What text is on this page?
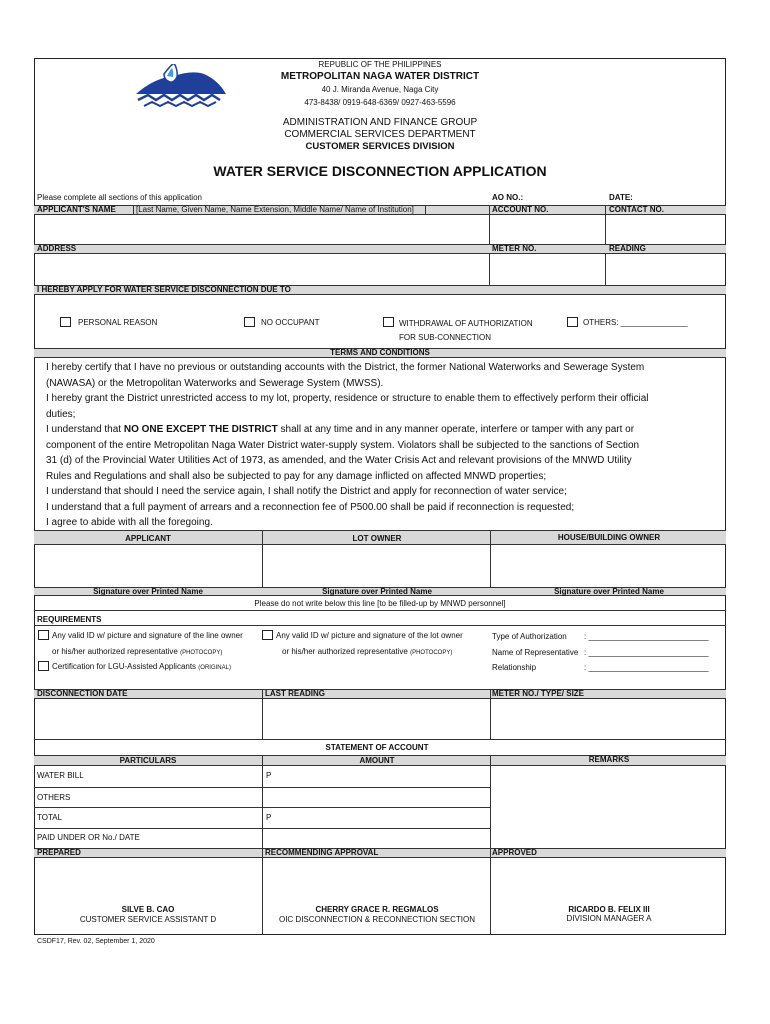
REPUBLIC OF THE PHILIPPINES
METROPOLITAN NAGA WATER DISTRICT
40 J. Miranda Avenue, Naga City
473-8438/ 0919-648-6369/ 0927-463-5596
ADMINISTRATION AND FINANCE GROUP
COMMERCIAL SERVICES DEPARTMENT
CUSTOMER SERVICES DIVISION
WATER SERVICE DISCONNECTION APPLICATION
Please complete all sections of this application	AO NO.:	DATE:
APPLICANT'S NAME	[Last Name, Given Name, Name Extension, Middle Name/ Name of Institution]	ACCOUNT NO.	CONTACT NO.
ADDRESS	METER NO.	READING
I HEREBY APPLY FOR WATER SERVICE DISCONNECTION DUE TO
PERSONAL REASON	NO OCCUPANT	WITHDRAWAL OF AUTHORIZATION
FOR SUB-CONNECTION
OTHERS: _______________
TERMS AND CONDITIONS
I hereby certify that I have no previous or outstanding accounts with the District, the former National Waterworks and Sewerage System
(NAWASA) or the Metropolitan Waterworks and Sewerage System (MWSS).
I hereby grant the District unrestricted access to my lot, property, residence or structure to enable them to effectively perform their official
duties;
I understand that NO ONE EXCEPT THE DISTRICT shall at any time and in any manner operate, interfere or tamper with any part or
component of the entire Metropolitan Naga Water District water-supply system. Violators shall be subjected to the sanctions of Section
31 (d) of the Provincial Water Utilities Act of 1973, as amended, and the Water Crisis Act and relevant provisions of the MNWD Utility
Rules and Regulations and shall also be subjected to pay for any damage inflicted on affected MNWD properties;
I understand that should I need the service again, I shall notify the District and apply for reconnection of water service;
I understand that a full payment of arrears and a reconnection fee of P500.00 shall be paid if reconnection is requested;
I agree to abide with all the foregoing.
APPLICANT	LOT OWNER	HOUSE/BUILDING OWNER
Signature over Printed Name	Signature over Printed Name	Signature over Printed Name
Please do not write below this line [to be filled-up by MNWD personnel]
REQUIREMENTS
Any valid ID w/ picture and signature of the line owner
or his/her authorized representative (PHOTOCOPY)
Certification for LGU-Assisted Applicants (ORIGINAL)
Any valid ID w/ picture and signature of the lot owner
or his/her authorized representative (PHOTOCOPY)
Type of Authorization : ___________________________
Name of Representative : ___________________________
Relationship	: ___________________________
DISCONNECTION DATE	LAST READING	METER NO./ TYPE/ SIZE
STATEMENT OF ACCOUNT
PARTICULARS	AMOUNT	REMARKS
WATER BILL	P
OTHERS
TOTAL	P
PAID UNDER OR No./ DATE
PREPARED	RECOMMENDING APPROVAL	APPROVED
SILVE B. CAO
CUSTOMER SERVICE ASSISTANT D
CHERRY GRACE R. REGMALOS
OIC DISCONNECTION & RECONNECTION SECTION
RICARDO B. FELIX III
DIVISION MANAGER A
CSDF17, Rev. 02, September 1, 2020
